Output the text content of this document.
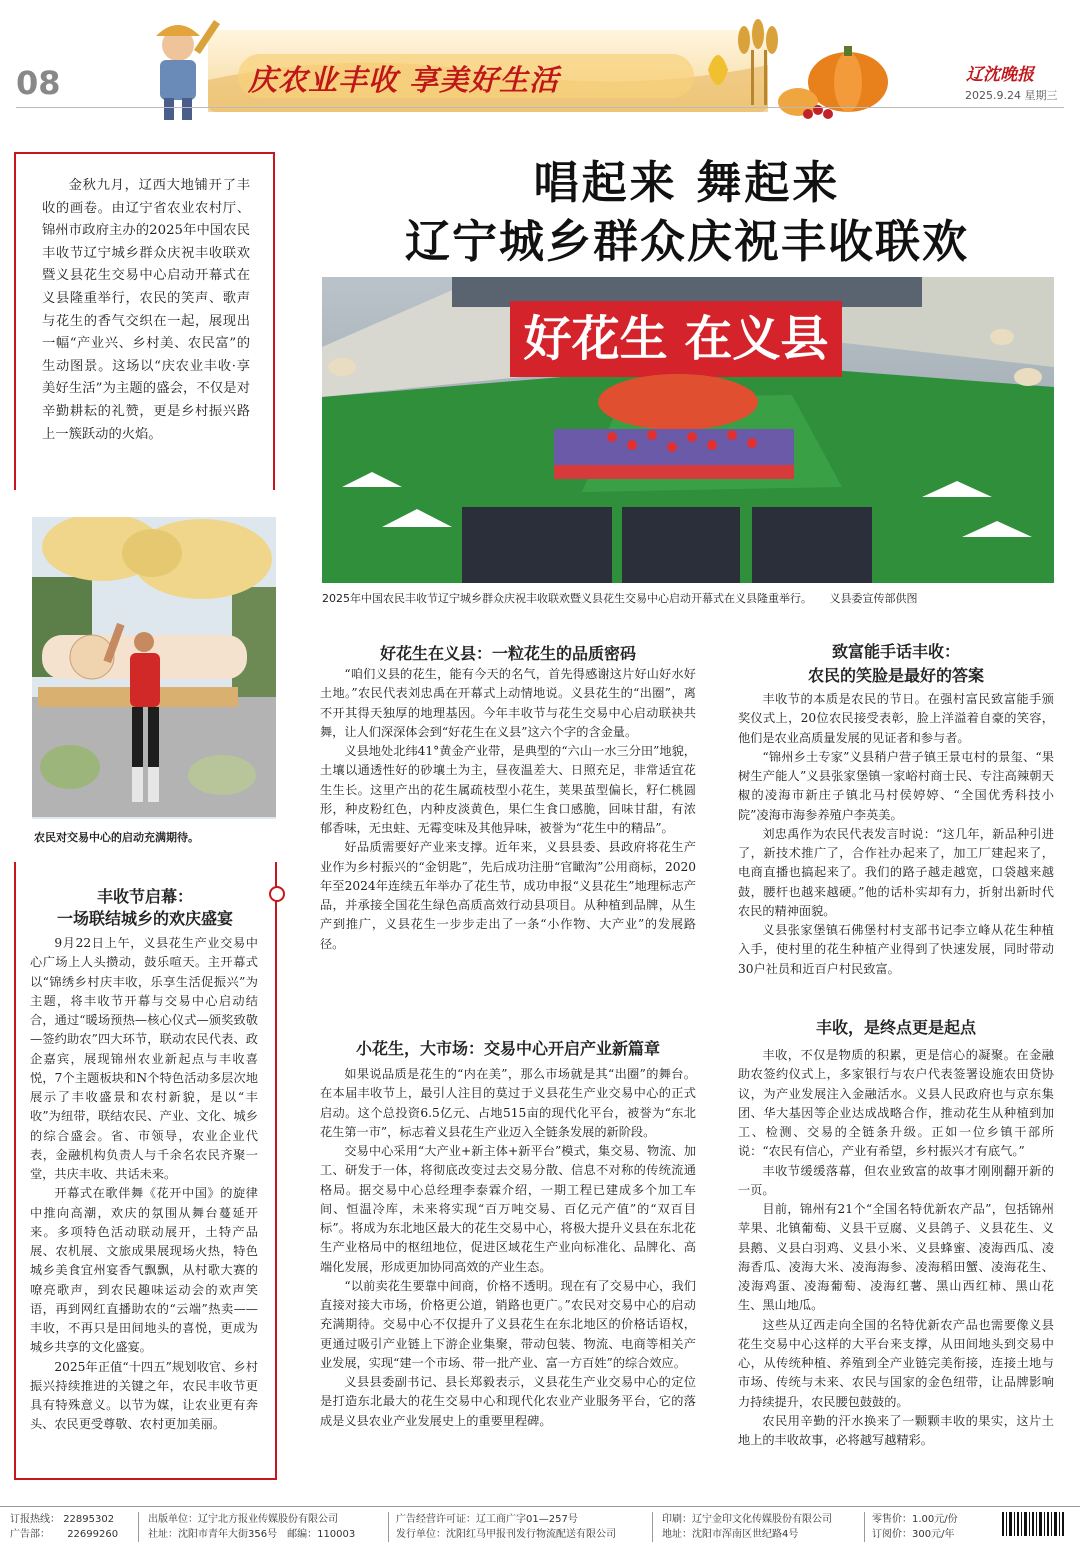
08	庆农业丰收 享美好生活	辽沈晚报
2025.9.24 星期三
唱起来 舞起来
辽宁城乡群众庆祝丰收联欢
金秋九月，辽西大地铺开了丰收的画卷。由辽宁省农业农村厅、锦州市政府主办的2025年中国农民丰收节辽宁城乡群众庆祝丰收联欢暨义县花生交易中心启动开幕式在义县隆重举行，农民的笑声、歌声与花生的香气交织在一起，展现出一幅“产业兴、乡村美、农民富”的生动图景。这场以“庆农业丰收·享美好生活”为主题的盛会，不仅是对辛勤耕耘的礼赞，更是乡村振兴路上一簇跃动的火焰。
好花生 在义县
2025年中国农民丰收节辽宁城乡群众庆祝丰收联欢暨义县花生交易中心启动开幕式在义县隆重举行。 义县委宣传部供图
农民对交易中心的启动充满期待。
丰收节启幕：
一场联结城乡的欢庆盛宴

9月22日上午，义县花生产业交易中心广场上人头攒动，鼓乐喧天。主开幕式以“锦绣乡村庆丰收，乐享生活促振兴”为主题，将丰收节开幕与交易中心启动结合，通过“暖场预热—核心仪式—颁奖致敬—签约助农”四大环节，联动农民代表、政企嘉宾，展现锦州农业新起点与丰收喜悦，7个主题板块和N个特色活动多层次地展示了丰收盛景和农村新貌，是以“丰收”为纽带，联结农民、产业、文化、城乡的综合盛会。省、市领导，农业企业代表，金融机构负责人与千余名农民齐聚一堂，共庆丰收、共话未来。

开幕式在歌伴舞《花开中国》的旋律中推向高潮，欢庆的氛围从舞台蔓延开来。多项特色活动联动展开，土特产品展、农机展、文旅成果展现场火热，特色城乡美食宜州宴香气飘飘，从村歌大赛的嘹亮歌声，到农民趣味运动会的欢声笑语，再到网红直播助农的“云端”热卖——丰收，不再只是田间地头的喜悦，更成为城乡共享的文化盛宴。

2025年正值“十四五”规划收官、乡村振兴持续推进的关键之年，农民丰收节更具有特殊意义。以节为媒，让农业更有奔头、农民更受尊敬、农村更加美丽。

好花生在义县：一粒花生的品质密码

“咱们义县的花生，能有今天的名气，首先得感谢这片好山好水好土地。”农民代表刘忠禹在开幕式上动情地说。义县花生的“出圈”，离不开其得天独厚的地理基因。今年丰收节与花生交易中心启动联袂共舞，让人们深深体会到“好花生在义县”这六个字的含金量。

义县地处北纬41°黄金产业带，是典型的“六山一水三分田”地貌，土壤以通透性好的砂壤土为主，昼夜温差大、日照充足，非常适宜花生生长。这里产出的花生属疏枝型小花生，荚果茧型偏长，籽仁桃圆形，种皮粉红色，内种皮淡黄色，果仁生食口感脆，回味甘甜，有浓郁香味，无虫蛀、无霉变味及其他异味，被誉为“花生中的精品”。

好品质需要好产业来支撑。近年来，义县县委、县政府将花生产业作为乡村振兴的“金钥匙”，先后成功注册“官瞰沟”公用商标，2020年至2024年连续五年举办了花生节，成功申报“义县花生”地理标志产品，并承接全国花生绿色高质高效行动县项目。从种植到品牌，从生产到推广，义县花生一步步走出了一条“小作物、大产业”的发展路径。

小花生，大市场：交易中心开启产业新篇章

如果说品质是花生的“内在美”，那么市场就是其“出圈”的舞台。在本届丰收节上，最引人注目的莫过于义县花生产业交易中心的正式启动。这个总投资6.5亿元、占地515亩的现代化平台，被誉为“东北花生第一市”，标志着义县花生产业迈入全链条发展的新阶段。

交易中心采用“大产业+新主体+新平台”模式，集交易、物流、加工、研发于一体，将彻底改变过去交易分散、信息不对称的传统流通格局。据交易中心总经理李泰霖介绍，一期工程已建成多个加工车间、恒温冷库，未来将实现“百万吨交易、百亿元产值”的“双百目标”。将成为东北地区最大的花生交易中心，将极大提升义县在东北花生产业格局中的枢纽地位，促进区域花生产业向标准化、品牌化、高端化发展，形成更加协同高效的产业生态。

“以前卖花生要靠中间商，价格不透明。现在有了交易中心，我们直接对接大市场，价格更公道，销路也更广。”农民对交易中心的启动充满期待。交易中心不仅提升了义县花生在东北地区的价格话语权，更通过吸引产业链上下游企业集聚，带动包装、物流、电商等相关产业发展，实现“建一个市场、带一批产业、富一方百姓”的综合效应。

义县县委副书记、县长郑毅表示，义县花生产业交易中心的定位是打造东北最大的花生交易中心和现代化农业产业服务平台，它的落成是义县农业产业发展史上的重要里程碑。

致富能手话丰收：
农民的笑脸是最好的答案

丰收节的本质是农民的节日。在强村富民致富能手颁奖仪式上，20位农民接受表彰，脸上洋溢着自豪的笑容，他们是农业高质量发展的见证者和参与者。

“锦州乡土专家”义县稍户营子镇王景屯村的景玺、“果树生产能人”义县张家堡镇一家峪村商士民、专注高辣朝天椒的凌海市新庄子镇北马村侯婷婷、“全国优秀科技小院”凌海市海参养殖户李英美。

刘忠禹作为农民代表发言时说：“这几年，新品种引进了，新技术推广了，合作社办起来了，加工厂建起来了，电商直播也搞起来了。我们的路子越走越宽，口袋越来越鼓，腰杆也越来越硬。”他的话朴实却有力，折射出新时代农民的精神面貌。

义县张家堡镇石佛堡村村支部书记李立峰从花生种植入手，使村里的花生种植产业得到了快速发展，同时带动30户社员和近百户村民致富。

丰收，是终点更是起点

丰收，不仅是物质的积累，更是信心的凝聚。在金融助农签约仪式上，多家银行与农户代表签署设施农田贷协议，为产业发展注入金融活水。义县人民政府也与京东集团、华大基因等企业达成战略合作，推动花生从种植到加工、检测、交易的全链条升级。正如一位乡镇干部所说：“农民有信心，产业有希望，乡村振兴才有底气。”

丰收节缓缓落幕，但农业致富的故事才刚刚翻开新的一页。

目前，锦州有21个“全国名特优新农产品”，包括锦州苹果、北镇葡萄、义县干豆腐、义县鸽子、义县花生、义县鹅、义县白羽鸡、义县小米、义县蜂蜜、凌海西瓜、凌海香瓜、凌海大米、凌海海参、凌海稻田蟹、凌海花生、凌海鸡蛋、凌海葡萄、凌海红薯、黑山西红柿、黑山花生、黑山地瓜。

这些从辽西走向全国的名特优新农产品也需要像义县花生交易中心这样的大平台来支撑，从田间地头到交易中心，从传统种植、养殖到全产业链完美衔接，连接土地与市场、传统与未来、农民与国家的金色纽带，让品牌影响力持续提升，农民腰包鼓鼓的。

农民用辛勤的汗水换来了一颗颗丰收的果实，这片土地上的丰收故事，必将越写越精彩。

订报热线： 22895302
广告部： 22699260
出版单位：辽宁北方报业传媒股份有限公司
社址：沈阳市青年大街356号　邮编：110003
广告经营许可证：辽工商广字01—257号
发行单位：沈阳红马甲报刊发行物流配送有限公司
印刷：辽宁金印文化传媒股份有限公司
地址：沈阳市浑南区世纪路4号
零售价：1.00元/份
订阅价：300元/年
